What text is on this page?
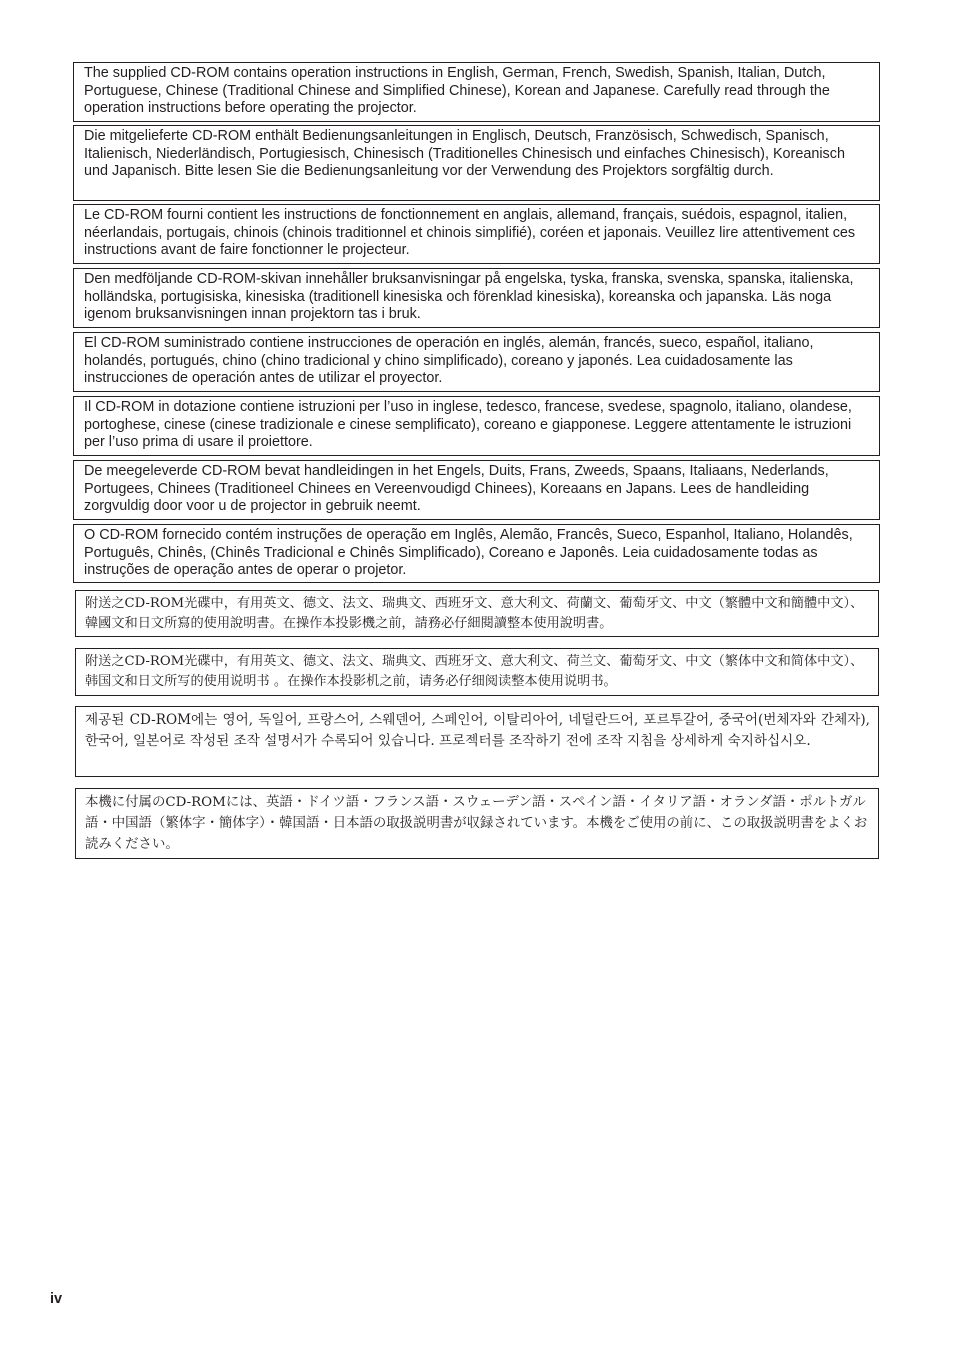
The supplied CD-ROM contains operation instructions in English, German, French, Swedish, Spanish, Italian, Dutch, Portuguese, Chinese (Traditional Chinese and Simplified Chinese), Korean and Japanese. Carefully read through the operation instructions before operating the projector.
Die mitgelieferte CD-ROM enthält Bedienungsanleitungen in Englisch, Deutsch, Französisch, Schwedisch, Spanisch, Italienisch, Niederländisch, Portugiesisch, Chinesisch (Traditionelles Chinesisch und einfaches Chinesisch), Koreanisch und Japanisch. Bitte lesen Sie die Bedienungsanleitung vor der Verwendung des Projektors sorgfältig durch.
Le CD-ROM fourni contient les instructions de fonctionnement en anglais, allemand, français, suédois, espagnol, italien, néerlandais, portugais, chinois (chinois traditionnel et chinois simplifié), coréen et japonais. Veuillez lire attentivement ces instructions avant de faire fonctionner le projecteur.
Den medföljande CD-ROM-skivan innehåller bruksanvisningar på engelska, tyska, franska, svenska, spanska, italienska, holländska, portugisiska, kinesiska (traditionell kinesiska och förenklad kinesiska), koreanska och japanska. Läs noga igenom bruksanvisningen innan projektorn tas i bruk.
El CD-ROM suministrado contiene instrucciones de operación en inglés, alemán, francés, sueco, español, italiano, holandés, portugués, chino (chino tradicional y chino simplificado), coreano y japonés. Lea cuidadosamente las instrucciones de operación antes de utilizar el proyector.
Il CD-ROM in dotazione contiene istruzioni per l’uso in inglese, tedesco, francese, svedese, spagnolo, italiano, olandese, portoghese, cinese (cinese tradizionale e cinese semplificato), coreano e giapponese. Leggere attentamente le istruzioni per l’uso prima di usare il proiettore.
De meegeleverde CD-ROM bevat handleidingen in het Engels, Duits, Frans, Zweeds, Spaans, Italiaans, Nederlands, Portugees, Chinees (Traditioneel Chinees en Vereenvoudigd Chinees), Koreaans en Japans. Lees de handleiding zorgvuldig door voor u de projector in gebruik neemt.
O CD-ROM fornecido contém instruções de operação em Inglês, Alemão, Francês, Sueco, Espanhol, Italiano, Holandês, Português, Chinês, (Chinês Tradicional e Chinês Simplificado), Coreano e Japonês. Leia cuidadosamente todas as instruções de operação antes de operar o projetor.
附送之CD-ROM光碟中，有用英文、德文、法文、瑞典文、西班牙文、意大利文、荷蘭文、葡萄牙文、中文（繁體中文和簡體中文）、韓國文和日文所寫的使用說明書。在操作本投影機之前，請務必仔細閱讀整本使用說明書。
附送之CD-ROM光碟中，有用英文、德文、法文、瑞典文、西班牙文、意大利文、荷兰文、葡萄牙文、中文（繁体中文和简体中文）、韩国文和日文所写的使用说明书 。在操作本投影机之前，请务必仔细阅读整本使用说明书。
제공된 CD-ROM에는 영어, 독일어, 프랑스어, 스웨덴어, 스페인어, 이탈리아어, 네덜란드어, 포르투갈어, 중국어(번체자와 간체자), 한국어, 일본어로 작성된 조작 설명서가 수록되어 있습니다. 프로젝터를 조작하기 전에 조작 지침을 상세하게 숙지하십시오.
本機に付属のCD-ROMには、英語・ドイツ語・フランス語・スウェーデン語・スペイン語・イタリア語・オランダ語・ポルトガル語・中国語（繁体字・簡体字）・韓国語・日本語の取扱説明書が収録されています。本機をご使用の前に、この取扱説明書をよくお読みください。
iv
